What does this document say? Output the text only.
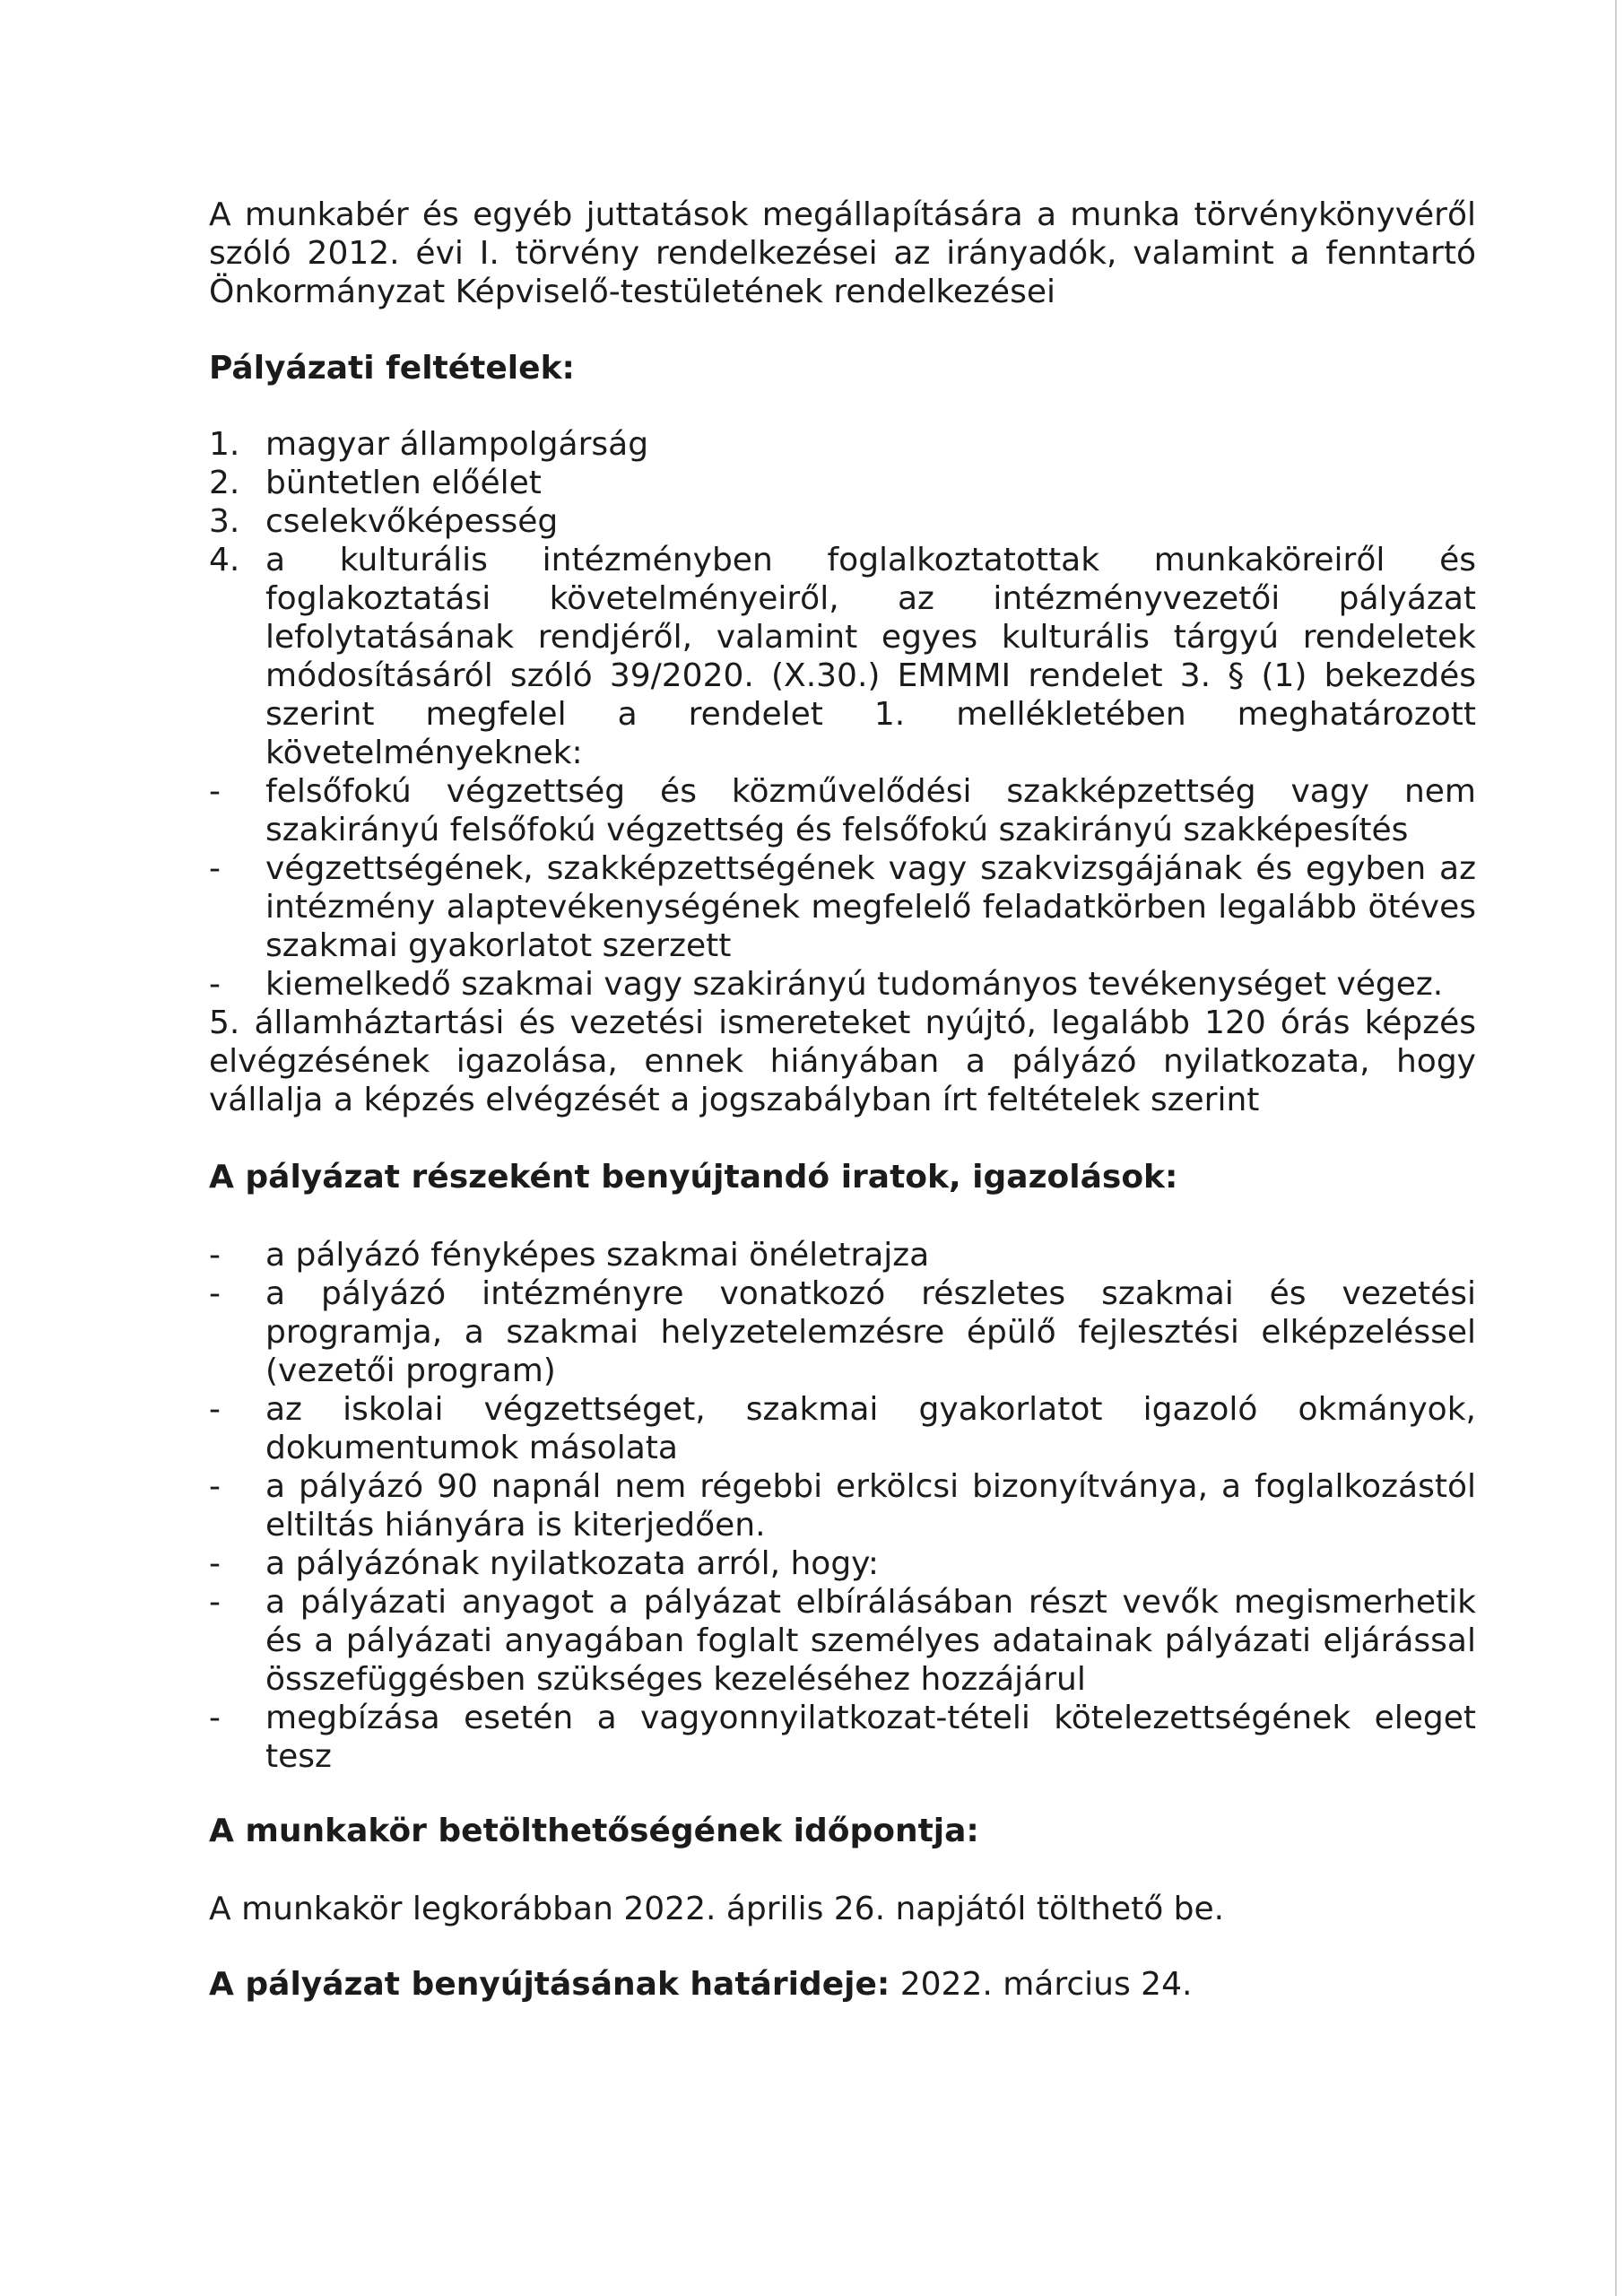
A munkabér és egyéb juttatások megállapítására a munka törvénykönyvéről szóló 2012. évi I. törvény rendelkezései az irányadók, valamint a fenntartó Önkormányzat Képviselő-testületének rendelkezései

Pályázati feltételek:
1. magyar állampolgárság
2. büntetlen előélet
3. cselekvőképesség
4. a kulturális intézményben foglalkoztatottak munkaköreiről és foglakoztatási követelményeiről, az intézményvezetői pályázat lefolytatásának rendjéről, valamint egyes kulturális tárgyú rendeletek módosításáról szóló 39/2020. (X.30.) EMMMI rendelet 3. § (1) bekezdés szerint megfelel a rendelet 1. mellékletében meghatározott követelményeknek:
- felsőfokú végzettség és közművelődési szakképzettség vagy nem szakirányú felsőfokú végzettség és felsőfokú szakirányú szakképesítés
- végzettségének, szakképzettségének vagy szakvizsgájának és egyben az intézmény alaptevékenységének megfelelő feladatkörben legalább ötéves szakmai gyakorlatot szerzett
- kiemelkedő szakmai vagy szakirányú tudományos tevékenységet végez.
5. államháztartási és vezetési ismereteket nyújtó, legalább 120 órás képzés elvégzésének igazolása, ennek hiányában a pályázó nyilatkozata, hogy vállalja a képzés elvégzését a jogszabályban írt feltételek szerint
A pályázat részeként benyújtandó iratok, igazolások:
- a pályázó fényképes szakmai önéletrajza
- a pályázó intézményre vonatkozó részletes szakmai és vezetési programja, a szakmai helyzetelemzésre épülő fejlesztési elképzeléssel (vezetői program)
- az iskolai végzettséget, szakmai gyakorlatot igazoló okmányok, dokumentumok másolata
- a pályázó 90 napnál nem régebbi erkölcsi bizonyítványa, a foglalkozástól eltiltás hiányára is kiterjedően.
- a pályázónak nyilatkozata arról, hogy:
- a pályázati anyagot a pályázat elbírálásában részt vevők megismerhetik és a pályázati anyagában foglalt személyes adatainak pályázati eljárással összefüggésben szükséges kezeléséhez hozzájárul
- megbízása esetén a vagyonnyilatkozat-tételi kötelezettségének eleget tesz
A munkakör betölthetőségének időpontja:

A munkakör legkorábban 2022. április 26. napjától tölthető be.

A pályázat benyújtásának határideje: 2022. március 24.
